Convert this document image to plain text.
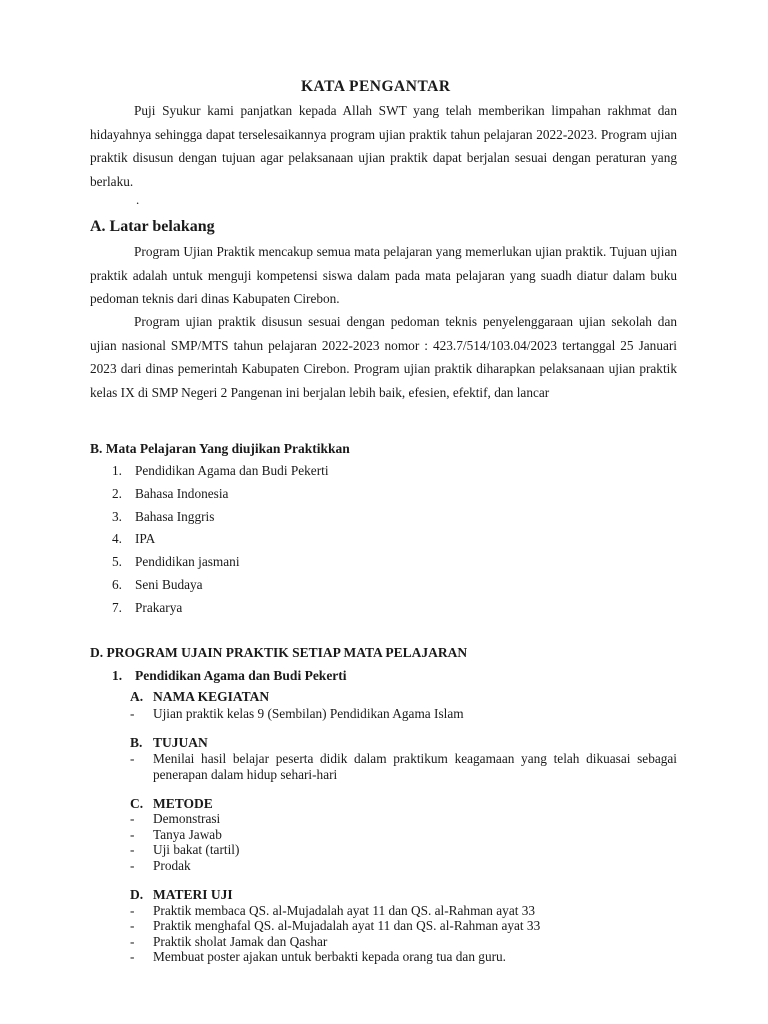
KATA PENGANTAR

Puji Syukur kami panjatkan kepada Allah SWT yang telah memberikan limpahan rakhmat dan hidayahnya sehingga dapat terselesaikannya program ujian praktik tahun pelajaran 2022-2023. Program ujian praktik disusun dengan tujuan agar pelaksanaan ujian praktik dapat berjalan sesuai dengan peraturan yang berlaku.

.
A. Latar belakang

Program Ujian Praktik mencakup semua mata pelajaran yang memerlukan ujian praktik. Tujuan ujian praktik adalah untuk menguji kompetensi siswa dalam pada mata pelajaran yang suadh diatur dalam buku pedoman teknis dari dinas Kabupaten Cirebon.

Program ujian praktik disusun sesuai dengan pedoman teknis penyelenggaraan ujian sekolah dan ujian nasional SMP/MTS tahun pelajaran 2022-2023 nomor : 423.7/514/103.04/2023 tertanggal 25 Januari 2023 dari dinas pemerintah Kabupaten Cirebon. Program ujian praktik diharapkan pelaksanaan ujian praktik kelas IX di SMP Negeri 2 Pangenan ini berjalan lebih baik, efesien, efektif, dan lancar

B. Mata Pelajaran Yang diujikan Praktikkan
1. Pendidikan Agama dan Budi Pekerti
2. Bahasa Indonesia
3. Bahasa Inggris
4. IPA
5. Pendidikan jasmani
6. Seni Budaya
7. Prakarya
D. PROGRAM UJAIN PRAKTIK SETIAP MATA PELAJARAN
1. Pendidikan Agama dan Budi Pekerti
A. NAMA KEGIATAN
- Ujian praktik kelas 9 (Sembilan) Pendidikan Agama Islam
B. TUJUAN
- Menilai hasil belajar peserta didik dalam praktikum keagamaan yang telah dikuasai sebagai penerapan dalam hidup sehari-hari
C. METODE
- Demonstrasi
- Tanya Jawab
- Uji bakat (tartil)
- Prodak
D. MATERI UJI
- Praktik membaca QS. al-Mujadalah ayat 11 dan QS. al-Rahman ayat 33
- Praktik menghafal QS. al-Mujadalah ayat 11 dan QS. al-Rahman ayat 33
- Praktik sholat Jamak dan Qashar
- Membuat poster ajakan untuk berbakti kepada orang tua dan guru.
